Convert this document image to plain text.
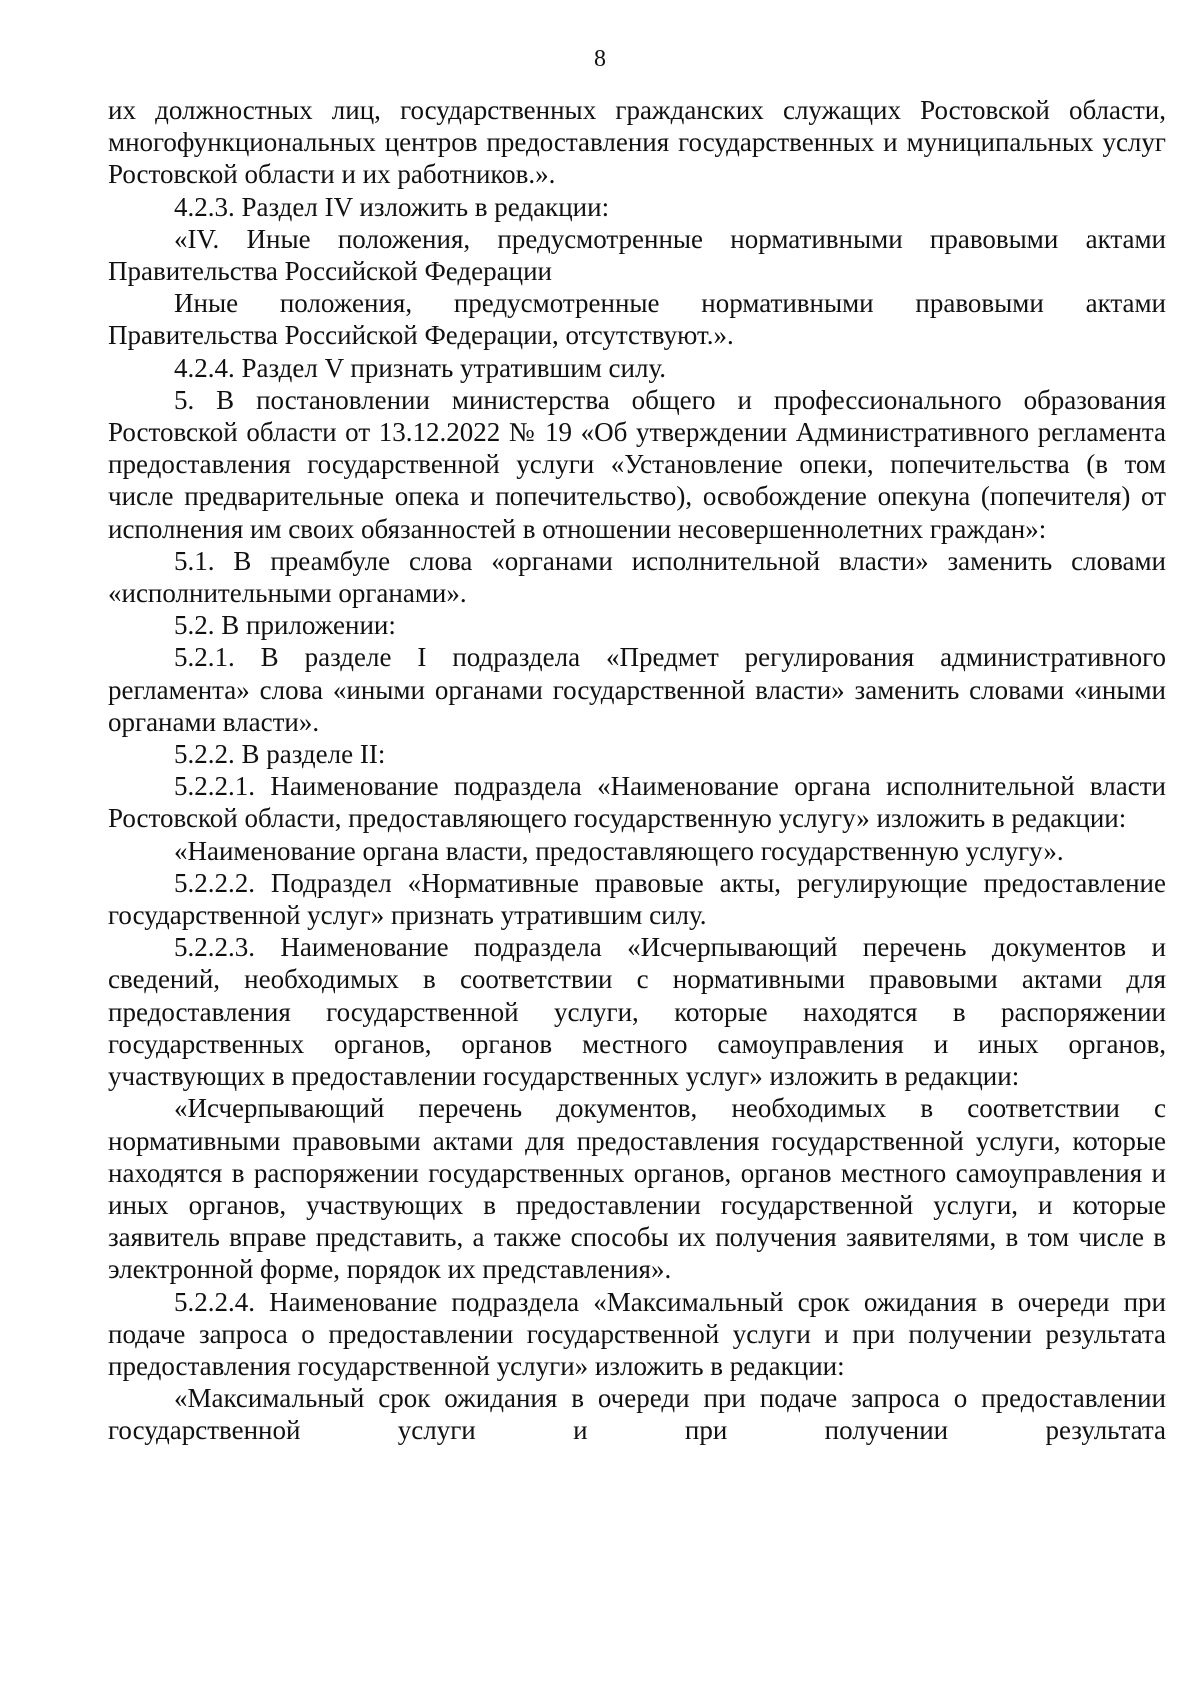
8

их должностных лиц, государственных гражданских служащих Ростовской области, многофункциональных центров предоставления государственных и муниципальных услуг Ростовской области и их работников.».

4.2.3. Раздел IV изложить в редакции:

«IV. Иные положения, предусмотренные нормативными правовыми актами Правительства Российской Федерации

Иные положения, предусмотренные нормативными правовыми актами Правительства Российской Федерации, отсутствуют.».

4.2.4. Раздел V признать утратившим силу.

5. В постановлении министерства общего и профессионального образования Ростовской области от 13.12.2022 № 19 «Об утверждении Административного регламента предоставления государственной услуги «Установление опеки, попечительства (в том числе предварительные опека и попечительство), освобождение опекуна (попечителя) от исполнения им своих обязанностей в отношении несовершеннолетних граждан»:

5.1. В преамбуле слова «органами исполнительной власти» заменить словами «исполнительными органами».

5.2. В приложении:

5.2.1. В разделе I подраздела «Предмет регулирования административного регламента» слова «иными органами государственной власти» заменить словами «иными органами власти».

5.2.2. В разделе II:

5.2.2.1. Наименование подраздела «Наименование органа исполнительной власти Ростовской области, предоставляющего государственную услугу» изложить в редакции:

«Наименование органа власти, предоставляющего государственную услугу».

5.2.2.2. Подраздел «Нормативные правовые акты, регулирующие предоставление государственной услуг» признать утратившим силу.

5.2.2.3. Наименование подраздела «Исчерпывающий перечень документов и сведений, необходимых в соответствии с нормативными правовыми актами для предоставления государственной услуги, которые находятся в распоряжении государственных органов, органов местного самоуправления и иных органов, участвующих в предоставлении государственных услуг» изложить в редакции:

«Исчерпывающий перечень документов, необходимых в соответствии с нормативными правовыми актами для предоставления государственной услуги, которые находятся в распоряжении государственных органов, органов местного самоуправления и иных органов, участвующих в предоставлении государственной услуги, и которые заявитель вправе представить, а также способы их получения заявителями, в том числе в электронной форме, порядок их представления».

5.2.2.4. Наименование подраздела «Максимальный срок ожидания в очереди при подаче запроса о предоставлении государственной услуги и при получении результата предоставления государственной услуги» изложить в редакции:

«Максимальный срок ожидания в очереди при подаче запроса о предоставлении государственной услуги и при получении результата
